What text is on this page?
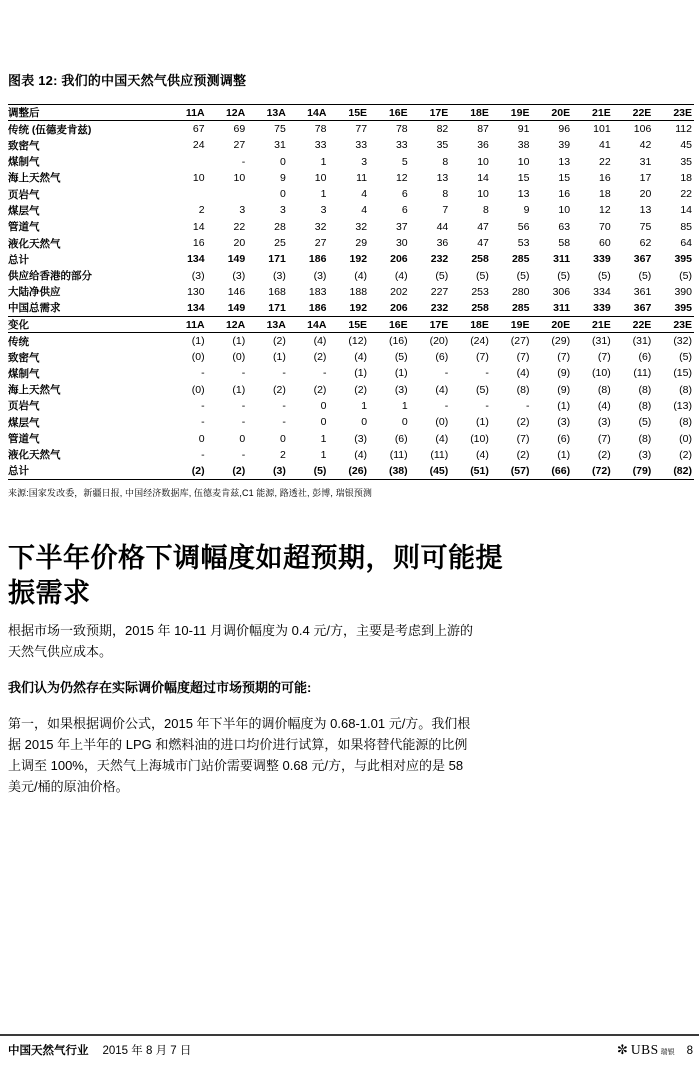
图表 12: 我们的中国天然气供应预测调整
调整后	11A	12A	13A	14A	15E	16E	17E	18E	19E	20E	21E	22E	23E
传统 (伍德麦肯兹)	67	69	75	78	77	78	82	87	91	96	101	106	112
致密气	24	27	31	33	33	33	35	36	38	39	41	42	45
煤制气		-	0	1	3	5	8	10	10	13	22	31	35
海上天然气	10	10	9	10	11	12	13	14	15	15	16	17	18
页岩气			0	1	4	6	8	10	13	16	18	20	22
煤层气	2	3	3	3	4	6	7	8	9	10	12	13	14
管道气	14	22	28	32	32	37	44	47	56	63	70	75	85
液化天然气	16	20	25	27	29	30	36	47	53	58	60	62	64
总计	134	149	171	186	192	206	232	258	285	311	339	367	395
供应给香港的部分	(3)	(3)	(3)	(3)	(4)	(4)	(5)	(5)	(5)	(5)	(5)	(5)	(5)
大陆净供应	130	146	168	183	188	202	227	253	280	306	334	361	390
中国总需求	134	149	171	186	192	206	232	258	285	311	339	367	395
变化	11A	12A	13A	14A	15E	16E	17E	18E	19E	20E	21E	22E	23E
传统	(1)	(1)	(2)	(4)	(12)	(16)	(20)	(24)	(27)	(29)	(31)	(31)	(32)
致密气	(0)	(0)	(1)	(2)	(4)	(5)	(6)	(7)	(7)	(7)	(7)	(6)	(5)
煤制气	-	-	-	-	(1)	(1)	-	-	(4)	(9)	(10)	(11)	(15)
海上天然气	(0)	(1)	(2)	(2)	(2)	(3)	(4)	(5)	(8)	(9)	(8)	(8)	(8)
页岩气	-	-	-	0	1	1	-	-	-	(1)	(4)	(8)	(13)
煤层气	-	-	-	0	0	0	(0)	(1)	(2)	(3)	(3)	(5)	(8)
管道气	0	0	0	1	(3)	(6)	(4)	(10)	(7)	(6)	(7)	(8)	(0)
液化天然气	-	-	2	1	(4)	(11)	(11)	(4)	(2)	(1)	(2)	(3)	(2)
总计	(2)	(2)	(3)	(5)	(26)	(38)	(45)	(51)	(57)	(66)	(72)	(79)	(82)
来源:国家发改委，新疆日报, 中国经济数据库, 伍德麦肯兹,C1 能源, 路透社, 彭博, 瑞银预测
下半年价格下调幅度如超预期，则可能提振需求

根据市场一致预期，2015 年 10-11 月调价幅度为 0.4 元/方，主要是考虑到上游的天然气供应成本。

我们认为仍然存在实际调价幅度超过市场预期的可能:

第一，如果根据调价公式，2015 年下半年的调价幅度为 0.68-1.01 元/方。我们根据 2015 年上半年的 LPG 和燃料油的进口均价进行试算，如果将替代能源的比例上调至 100%，天然气上海城市门站价需要调整 0.68 元/方，与此相对应的是 58 美元/桶的原油价格。

中国天然气行业 2015 年 8 月 7 日	✼ UBS 瑞银 8
